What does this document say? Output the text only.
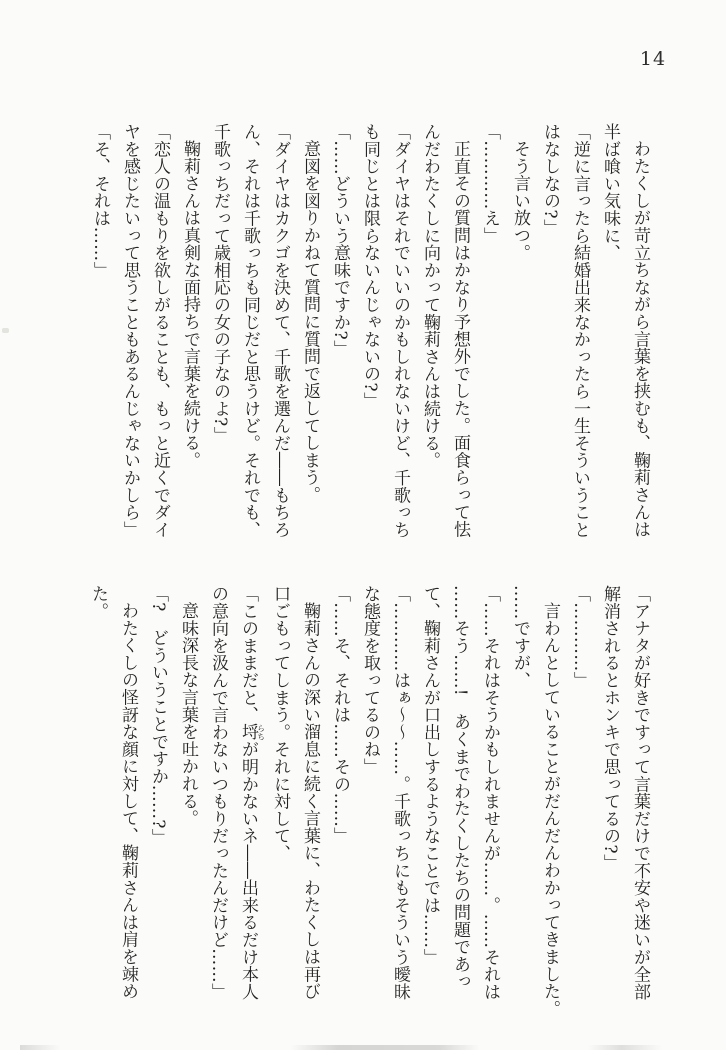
14
わたくしが苛立ちながら言葉を挟むも、鞠莉さんは
半ば喰い気味に、
「逆に言ったら結婚出来なかったら一生そういうこと
はなしなの?」
そう言い放つ。
「…………え」
正直その質問はかなり予想外でした。面食らって怯
んだわたくしに向かって鞠莉さんは続ける。
「ダイヤはそれでいいのかもしれないけど、千歌っち
も同じとは限らないんじゃないの?」
「……どういう意味ですか?」
意図を図りかねて質問に質問で返してしまう。
「ダイヤはカクゴを決めて、千歌を選んだ――もちろ
ん、それは千歌っちも同じだと思うけど。それでも、
千歌っちだって歳相応の女の子なのよ?」
鞠莉さんは真剣な面持ちで言葉を続ける。
「恋人の温もりを欲しがることも、もっと近くでダイ
ヤを感じたいって思うこともあるんじゃないかしら」
「そ、それは……」
「アナタが好きですって言葉だけで不安や迷いが全部
解消されるとホンキで思ってるの?」
「…………」
言わんとしていることがだんだんわかってきました。
……ですが、
「……それはそうかもしれませんが……。……それは
……そう……!　あくまでわたくしたちの問題であっ
て、鞠莉さんが口出しするようなことでは……」
「…………はぁ〜〜……。千歌っちにもそういう曖昧
な態度を取ってるのね」
「……そ、それは……その……」
鞠莉さんの深い溜息に続く言葉に、わたくしは再び
口ごもってしまう。それに対して、
「このままだと、埒らちが明かないネ――出来るだけ本人
の意向を汲んで言わないつもりだったんだけど……」
意味深長な言葉を吐かれる。
「?　どういうことですか……?」
わたくしの怪訝な顔に対して、鞠莉さんは肩を竦め
た。
